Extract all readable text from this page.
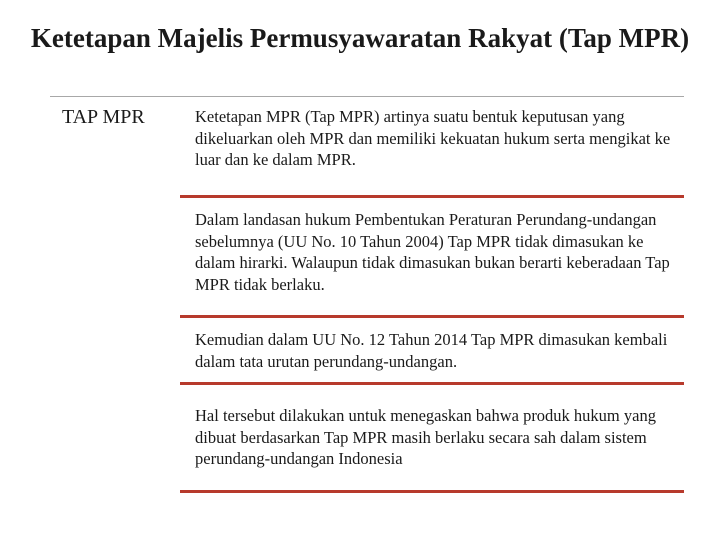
Ketetapan Majelis Permusyawaratan Rakyat (Tap MPR)
TAP MPR	Ketetapan MPR (Tap MPR) artinya suatu bentuk keputusan yang dikeluarkan oleh MPR dan memiliki kekuatan hukum serta mengikat ke luar dan ke dalam MPR.
Dalam landasan hukum Pembentukan Peraturan Perundang-undangan sebelumnya (UU No. 10 Tahun 2004) Tap MPR tidak dimasukan ke dalam hirarki. Walaupun tidak dimasukan bukan berarti keberadaan Tap MPR tidak berlaku.
Kemudian dalam UU No. 12 Tahun 2014 Tap MPR dimasukan kembali dalam tata urutan perundang-undangan.
Hal tersebut dilakukan untuk menegaskan bahwa produk hukum yang dibuat berdasarkan Tap MPR masih berlaku secara sah dalam sistem perundang-undangan Indonesia
